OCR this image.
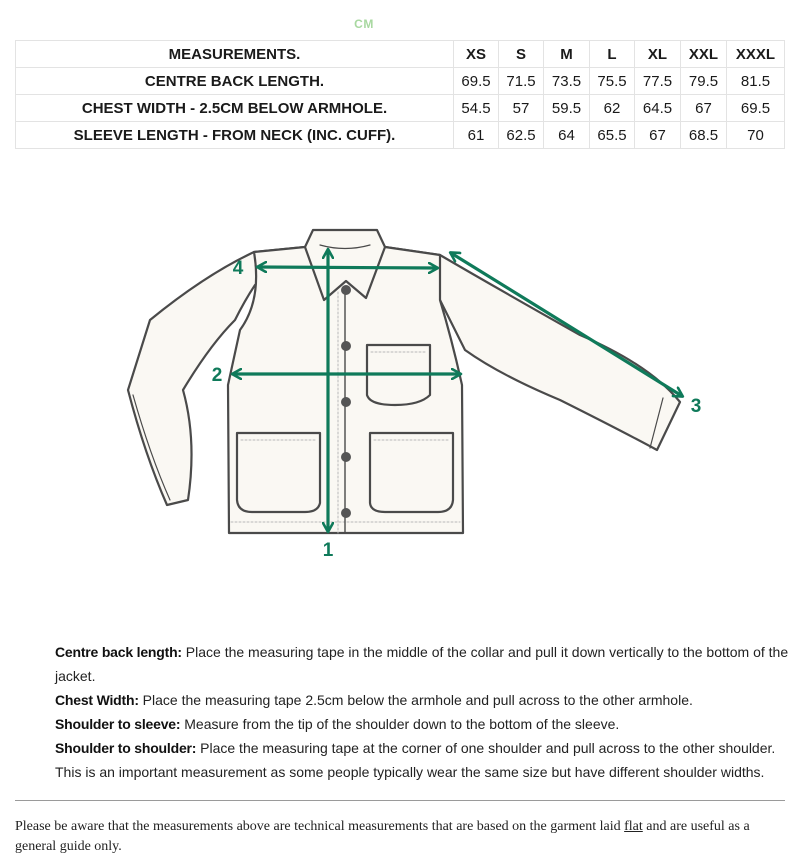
CM
MEASUREMENTS.	XS	S	M	L	XL	XXL	XXXL
CENTRE BACK LENGTH.	69.5	71.5	73.5	75.5	77.5	79.5	81.5
CHEST WIDTH - 2.5CM BELOW ARMHOLE.	54.5	57	59.5	62	64.5	67	69.5
SLEEVE LENGTH - FROM NECK (INC. CUFF).	61	62.5	64	65.5	67	68.5	70
1
2
3
4

Centre back length: Place the measuring tape in the middle of the collar and pull it down vertically to the bottom of the jacket.

Chest Width: Place the measuring tape 2.5cm below the armhole and pull across to the other armhole.

Shoulder to sleeve: Measure from the tip of the shoulder down to the bottom of the sleeve.

Shoulder to shoulder: Place the measuring tape at the corner of one shoulder and pull across to the other shoulder. This is an important measurement as some people typically wear the same size but have different shoulder widths.

Please be aware that the measurements above are technical measurements that are based on the garment laid flat and are useful as a general guide only.
